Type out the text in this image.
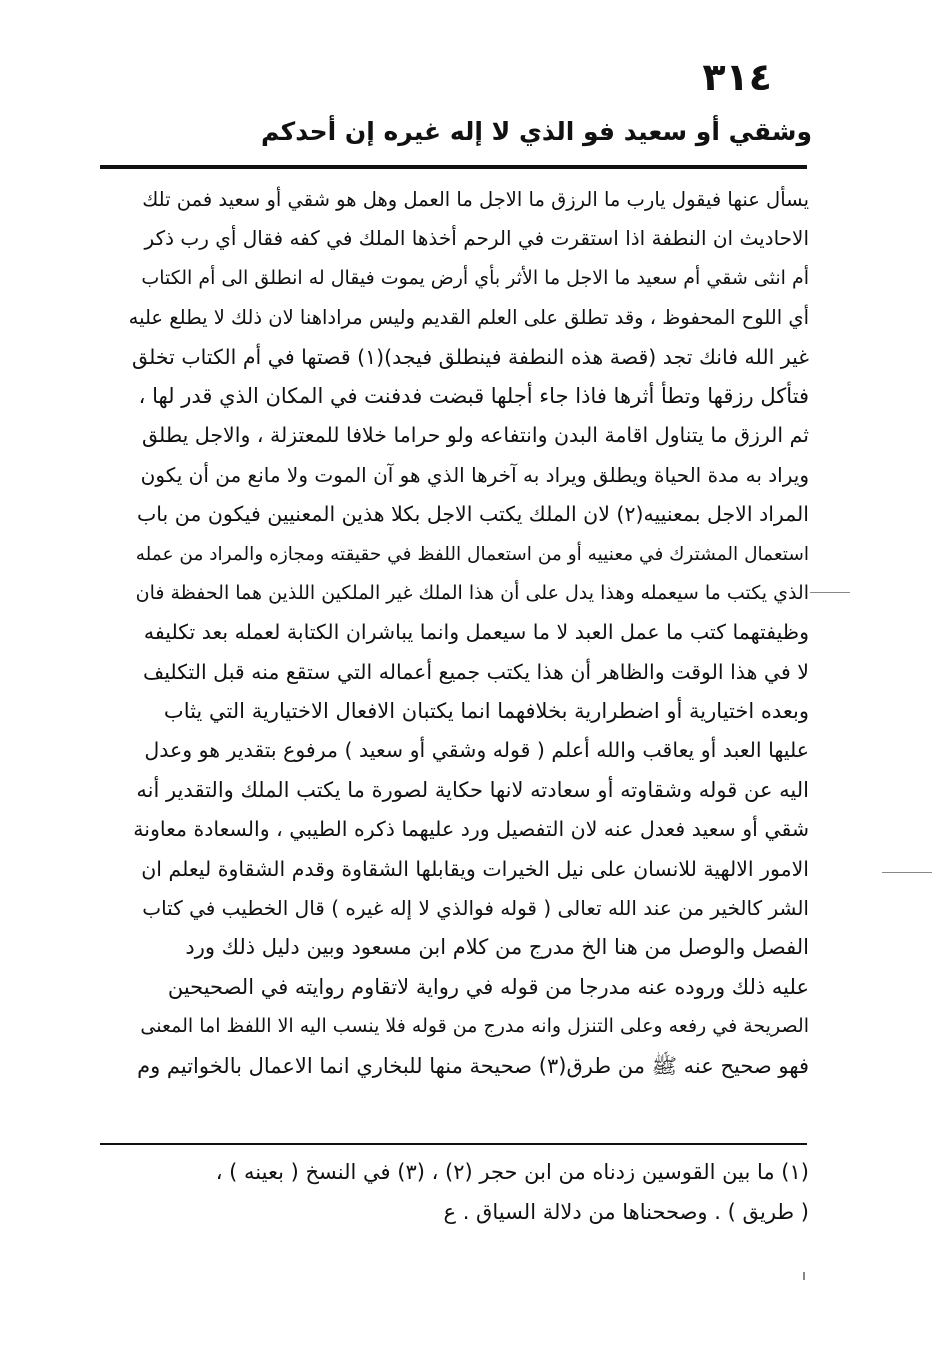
٣١٤
وشقي أو سعيد فو الذي لا إله غيره إن أحدكم
يسأل عنها فيقول يارب ما الرزق ما الاجل ما العمل وهل هو شقي أو سعيد فمن تلك
الاحاديث ان النطفة اذا استقرت في الرحم أخذها الملك في كفه فقال أي رب ذكر
أم انثى شقي أم سعيد ما الاجل ما الأثر بأي أرض يموت فيقال له انطلق الى أم الكتاب
أي اللوح المحفوظ ، وقد تطلق على العلم القديم وليس مراداهنا لان ذلك لا يطلع عليه
غير الله فانك تجد (قصة هذه النطفة فينطلق فيجد)(١) قصتها في أم الكتاب تخلق
فتأكل رزقها وتطأ أثرها فاذا جاء أجلها قبضت فدفنت في المكان الذي قدر لها ،
ثم الرزق ما يتناول اقامة البدن وانتفاعه ولو حراما خلافا للمعتزلة ، والاجل يطلق
ويراد به مدة الحياة ويطلق ويراد به آخرها الذي هو آن الموت ولا مانع من أن يكون
المراد الاجل بمعنييه(٢) لان الملك يكتب الاجل بكلا هذين المعنيين فيكون من باب
استعمال المشترك في معنييه أو من استعمال اللفظ في حقيقته ومجازه والمراد من عمله
الذي يكتب ما سيعمله وهذا يدل على أن هذا الملك غير الملكين اللذين هما الحفظة فان
وظيفتهما كتب ما عمل العبد لا ما سيعمل وانما يباشران الكتابة لعمله بعد تكليفه
لا في هذا الوقت والظاهر أن هذا يكتب جميع أعماله التي ستقع منه قبل التكليف
وبعده اختيارية أو اضطرارية بخلافهما انما يكتبان الافعال الاختيارية التي يثاب
عليها العبد أو يعاقب والله أعلم ( قوله وشقي أو سعيد ) مرفوع بتقدير هو وعدل
اليه عن قوله وشقاوته أو سعادته لانها حكاية لصورة ما يكتب الملك والتقدير أنه
شقي أو سعيد فعدل عنه لان التفصيل ورد عليهما ذكره الطيبي ، والسعادة معاونة
الامور الالهية للانسان على نيل الخيرات ويقابلها الشقاوة وقدم الشقاوة ليعلم ان
الشر كالخير من عند الله تعالى ( قوله فوالذي لا إله غيره ) قال الخطيب في كتاب
الفصل والوصل من هنا الخ مدرج من كلام ابن مسعود وبين دليل ذلك ورد
عليه ذلك وروده عنه مدرجا من قوله في رواية لاتقاوم روايته في الصحيحين
الصريحة في رفعه وعلى التنزل وانه مدرج من قوله فلا ينسب اليه الا اللفظ اما المعنى
فهو صحيح عنه ﷺ من طرق(٣) صحيحة منها للبخاري انما الاعمال بالخواتيم وم
(١) ما بين القوسين زدناه من ابن حجر (٢) ، (٣) في النسخ ( بعينه ) ،
( طريق ) . وصححناها من دلالة السياق . ع
